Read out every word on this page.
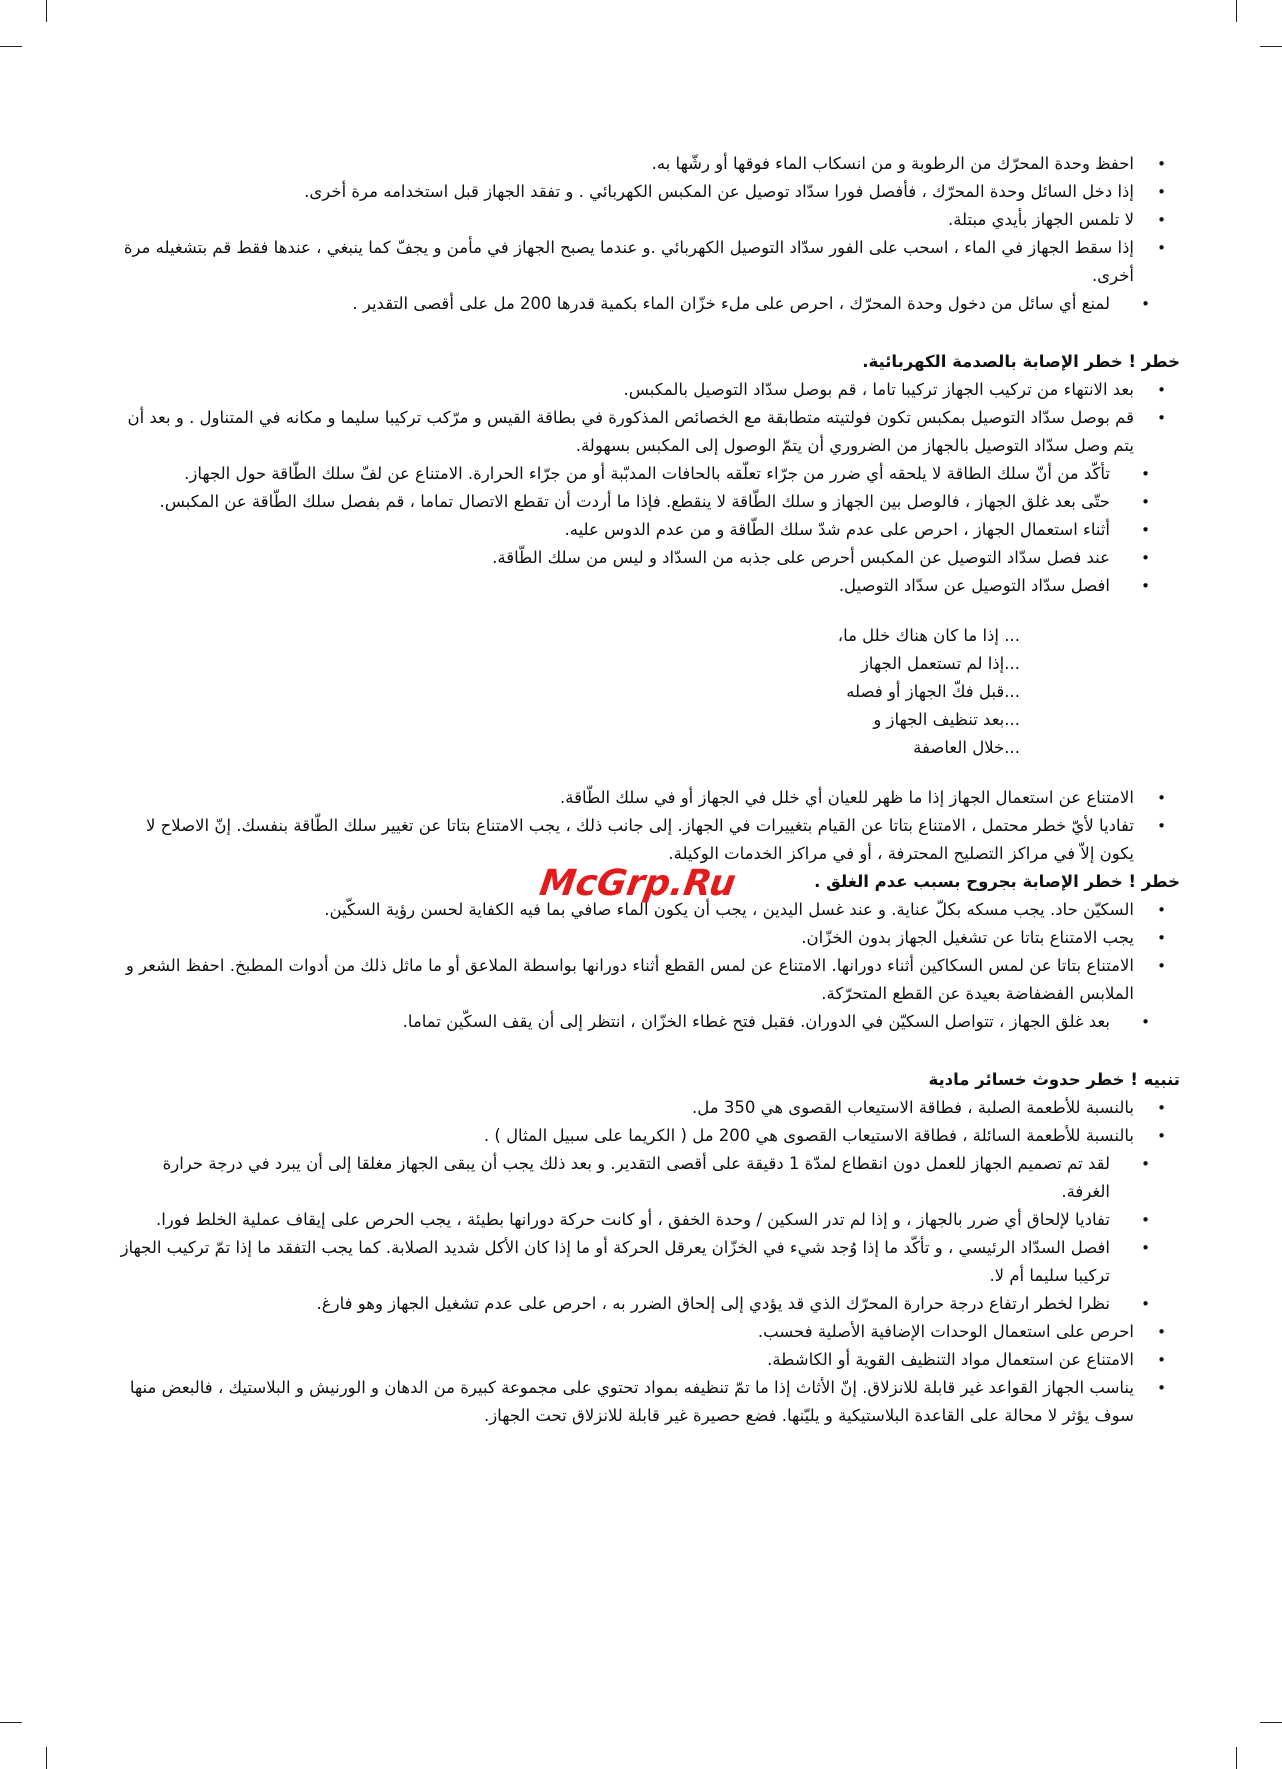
• احفظ وحدة المحرّك من الرطوبة و من انسكاب الماء فوقها أو رشّها به.
• إذا دخل السائل وحدة المحرّك ، فأفصل فورا سدّاد توصيل عن المكبس الكهربائي . و تفقد الجهاز قبل استخدامه مرة أخرى.
• لا تلمس الجهاز بأيدي مبتلة.
• إذا سقط الجهاز في الماء ، اسحب على الفور سدّاد التوصيل الكهربائي .و عندما يصبح الجهاز في مأمن و يجفّ كما ينبغي ، عندها فقط قم بتشغيله مرة أخرى.
• لمنع أي سائل من دخول وحدة المحرّك ، احرص على ملء خزّان الماء بكمية قدرها 200 مل على أقصى التقدير .
خطر ! خطر الإصابة بالصدمة الكهربائية.
• بعد الانتهاء من تركيب الجهاز تركيبا تاما ، قم بوصل سدّاد التوصيل بالمكبس.
• قم بوصل سدّاد التوصيل بمكبس تكون فولتيته متطابقة مع الخصائص المذكورة في بطاقة القيس و مرّكب تركيبا سليما و مكانه في المتناول . و بعد أن يتم وصل سدّاد التوصيل بالجهاز من الضروري أن يتمّ الوصول إلى المكبس بسهولة.
• تأكّد من أنّ سلك الطاقة لا يلحقه أي ضرر من جرّاء تعلّقه بالحافات المدبّبة أو من جرّاء الحرارة. الامتناع عن لفّ سلك الطّاقة حول الجهاز.
• حتّى بعد غلق الجهاز ، فالوصل بين الجهاز و سلك الطّاقة لا ينقطع. فإذا ما أردت أن تقطع الاتصال تماما ، قم بفصل سلك الطّاقة عن المكبس.
• أثناء استعمال الجهاز ، احرص على عدم شدّ سلك الطّاقة و من عدم الدوس عليه.
• عند فصل سدّاد التوصيل عن المكبس أحرص على جذبه من السدّاد و ليس من سلك الطّاقة.
• افصل سدّاد التوصيل عن سدّاد التوصيل.
... إذا ما كان هناك خلل ما،
...إذا لم تستعمل الجهاز
...قبل فكّ الجهاز أو فصله
...بعد تنظيف الجهاز و
...خلال العاصفة
• الامتناع عن استعمال الجهاز إذا ما ظهر للعيان أي خلل في الجهاز أو في سلك الطّاقة.
• تفاديا لأيّ خطر محتمل ، الامتناع بتاتا عن القيام بتغييرات في الجهاز. إلى جانب ذلك ، يجب الامتناع بتاتا عن تغيير سلك الطّاقة بنفسك. إنّ الاصلاح لا يكون إلاّ في مراكز التصليح المحترفة ، أو في مراكز الخدمات الوكيلة.
خطر ! خطر الإصابة بجروح بسبب عدم الغلق .
• السكيّن حاد. يجب مسكه بكلّ عناية. و عند غسل اليدين ، يجب أن يكون الماء صافي بما فيه الكفاية لحسن رؤية السكّين.
• يجب الامتناع بتاتا عن تشغيل الجهاز بدون الخزّان.
• الامتناع بتاتا عن لمس السكاكين أثناء دورانها. الامتناع عن لمس القطع أثناء دورانها بواسطة الملاعق أو ما ماثل ذلك من أدوات المطبخ. احفظ الشعر و الملابس الفضفاضة بعيدة عن القطع المتحرّكة.
• بعد غلق الجهاز ، تتواصل السكيّن في الدوران. فقبل فتح غطاء الخزّان ، انتظر إلى أن يقف السكّين تماما.
تنبيه ! خطر حدوث خسائر مادية
• بالنسبة للأطعمة الصلبة ، فطاقة الاستيعاب القصوى هي 350 مل.
• بالنسبة للأطعمة السائلة ، فطاقة الاستيعاب القصوى هي 200 مل ( الكريما على سبيل المثال ) .
• لقد تم تصميم الجهاز للعمل دون انقطاع لمدّة 1 دقيقة على أقصى التقدير. و بعد ذلك يجب أن يبقى الجهاز مغلقا إلى أن يبرد في درجة حرارة الغرفة.
• تفاديا لإلحاق أي ضرر بالجهاز ، و إذا لم تدر السكين / وحدة الخفق ، أو كانت حركة دورانها بطيئة ، يجب الحرص على إيقاف عملية الخلط فورا.
• افصل السدّاد الرئيسي ، و تأكّد ما إذا وُجد شيء في الخزّان يعرقل الحركة أو ما إذا كان الأكل شديد الصلابة. كما يجب التفقد ما إذا تمّ تركيب الجهاز تركيبا سليما أم لا.
• نظرا لخطر ارتفاع درجة حرارة المحرّك الذي قد يؤدي إلى إلحاق الضرر به ، احرص على عدم تشغيل الجهاز وهو فارغ.
• احرص على استعمال الوحدات الإضافية الأصلية فحسب.
• الامتناع عن استعمال مواد التنظيف القوية أو الكاشطة.
• يناسب الجهاز القواعد غير قابلة للانزلاق. إنّ الأثاث إذا ما تمّ تنظيفه بمواد تحتوي على مجموعة كبيرة من الدهان و الورنيش و البلاستيك ، فالبعض منها سوف يؤثر لا محالة على القاعدة البلاستيكية و يليّنها. فضع حصيرة غير قابلة للانزلاق تحت الجهاز.
McGrp.Ru
